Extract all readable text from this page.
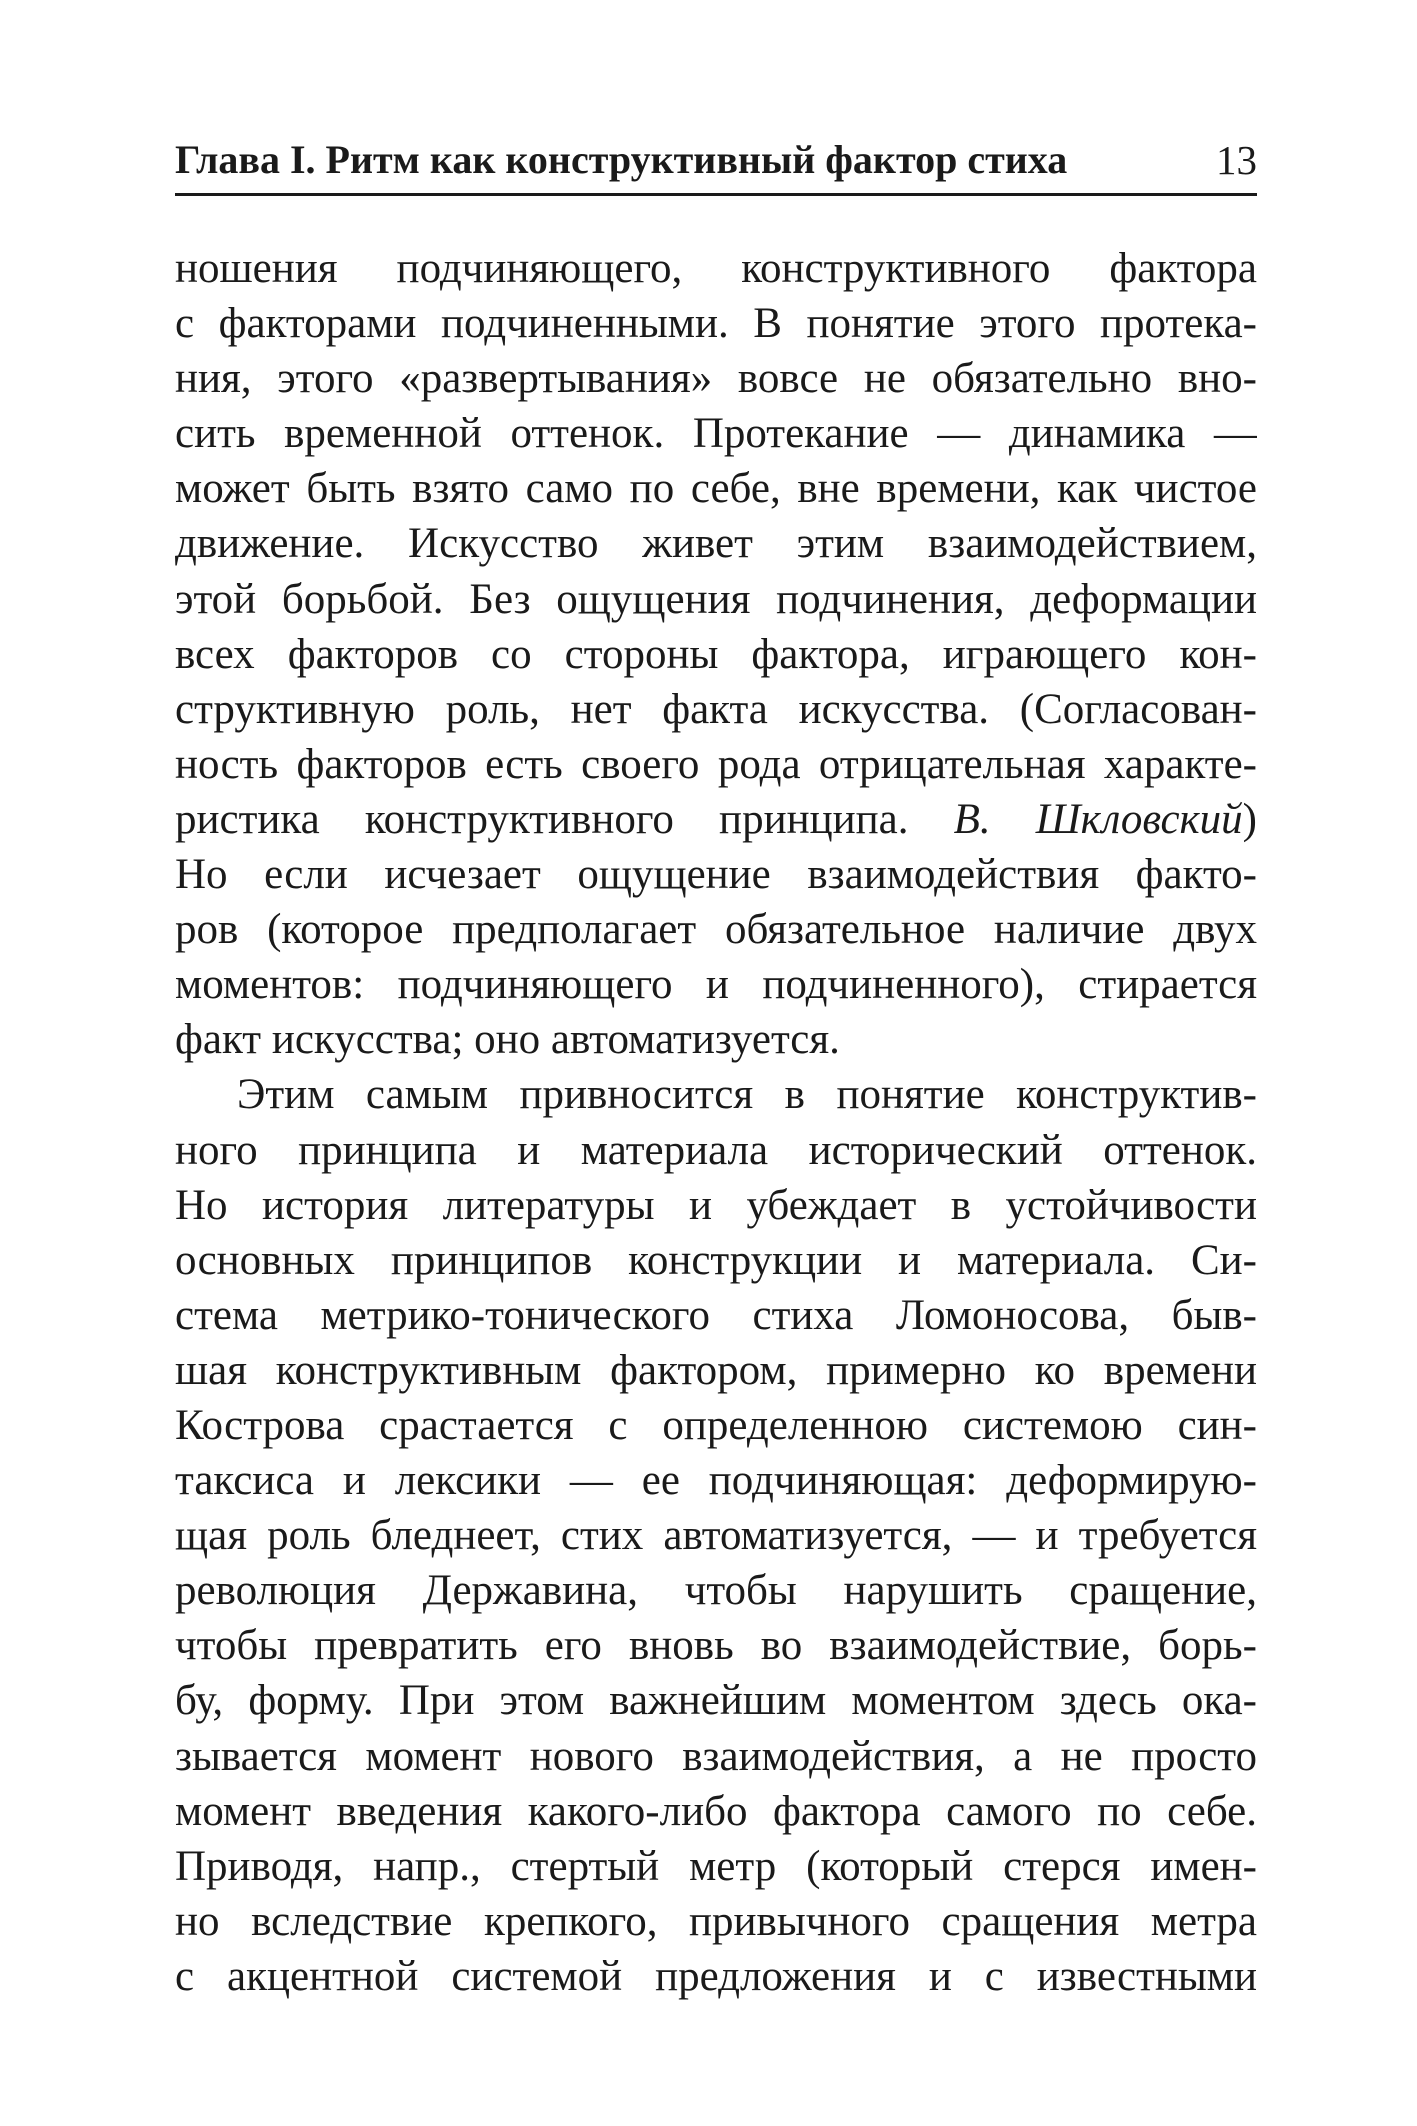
Глава I. Ритм как конструктивный фактор стиха	13
ношения подчиняющего, конструктивного фактора
с факторами подчиненными. В понятие этого протека-
ния, этого «развертывания» вовсе не обязательно вно-
сить временной оттенок. Протекание — динамика —
может быть взято само по себе, вне времени, как чистое
движение. Искусство живет этим взаимодействием,
этой борьбой. Без ощущения подчинения, деформации
всех факторов со стороны фактора, играющего кон-
структивную роль, нет факта искусства. (Согласован-
ность факторов есть своего рода отрицательная характе-
ристика конструктивного принципа. В. Шкловский)
Но если исчезает ощущение взаимодействия факто-
ров (которое предполагает обязательное наличие двух
моментов: подчиняющего и подчиненного), стирается
факт искусства; оно автоматизуется.
Этим самым привносится в понятие конструктив-
ного принципа и материала исторический оттенок.
Но история литературы и убеждает в устойчивости
основных принципов конструкции и материала. Си-
стема метрико-тонического стиха Ломоносова, быв-
шая конструктивным фактором, примерно ко времени
Кострова срастается с определенною системою син-
таксиса и лексики — ее подчиняющая: деформирую-
щая роль бледнеет, стих автоматизуется, — и требуется
революция Державина, чтобы нарушить сращение,
чтобы превратить его вновь во взаимодействие, борь-
бу, форму. При этом важнейшим моментом здесь ока-
зывается момент нового взаимодействия, а не просто
момент введения какого-либо фактора самого по себе.
Приводя, напр., стертый метр (который стерся имен-
но вследствие крепкого, привычного сращения метра
с акцентной системой предложения и с известными
